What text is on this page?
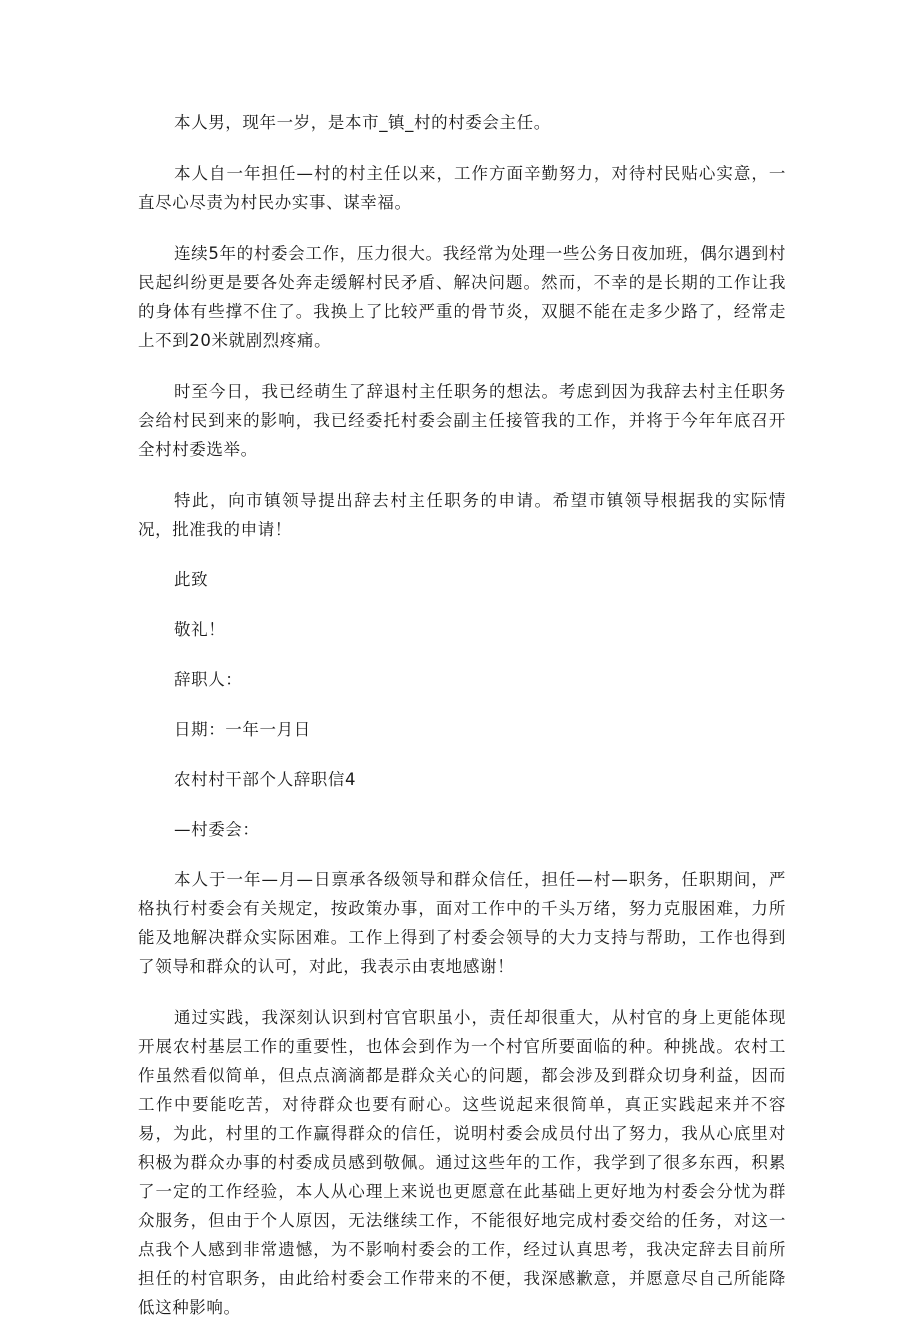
本人男，现年一岁，是本市_镇_村的村委会主任。

本人自一年担任—村的村主任以来，工作方面辛勤努力，对待村民贴心实意，一直尽心尽责为村民办实事、谋幸福。

连续5年的村委会工作，压力很大。我经常为处理一些公务日夜加班，偶尔遇到村民起纠纷更是要各处奔走缓解村民矛盾、解决问题。然而，不幸的是长期的工作让我的身体有些撑不住了。我换上了比较严重的骨节炎，双腿不能在走多少路了，经常走上不到20米就剧烈疼痛。

时至今日，我已经萌生了辞退村主任职务的想法。考虑到因为我辞去村主任职务会给村民到来的影响，我已经委托村委会副主任接管我的工作，并将于今年年底召开全村村委选举。

特此，向市镇领导提出辞去村主任职务的申请。希望市镇领导根据我的实际情况，批准我的申请！

此致

敬礼！

辞职人：

日期：一年一月日

农村村干部个人辞职信4

—村委会：

本人于一年—月—日禀承各级领导和群众信任，担任—村—职务，任职期间，严格执行村委会有关规定，按政策办事，面对工作中的千头万绪，努力克服困难，力所能及地解决群众实际困难。工作上得到了村委会领导的大力支持与帮助，工作也得到了领导和群众的认可，对此，我表示由衷地感谢！

通过实践，我深刻认识到村官官职虽小，责任却很重大，从村官的身上更能体现开展农村基层工作的重要性，也体会到作为一个村官所要面临的种。种挑战。农村工作虽然看似简单，但点点滴滴都是群众关心的问题，都会涉及到群众切身利益，因而工作中要能吃苦，对待群众也要有耐心。这些说起来很简单，真正实践起来并不容易，为此，村里的工作赢得群众的信任，说明村委会成员付出了努力，我从心底里对积极为群众办事的村委成员感到敬佩。通过这些年的工作，我学到了很多东西，积累了一定的工作经验，本人从心理上来说也更愿意在此基础上更好地为村委会分忧为群众服务，但由于个人原因，无法继续工作，不能很好地完成村委交给的任务，对这一点我个人感到非常遗憾，为不影响村委会的工作，经过认真思考，我决定辞去目前所担任的村官职务，由此给村委会工作带来的不便，我深感歉意，并愿意尽自己所能降低这种影响。
